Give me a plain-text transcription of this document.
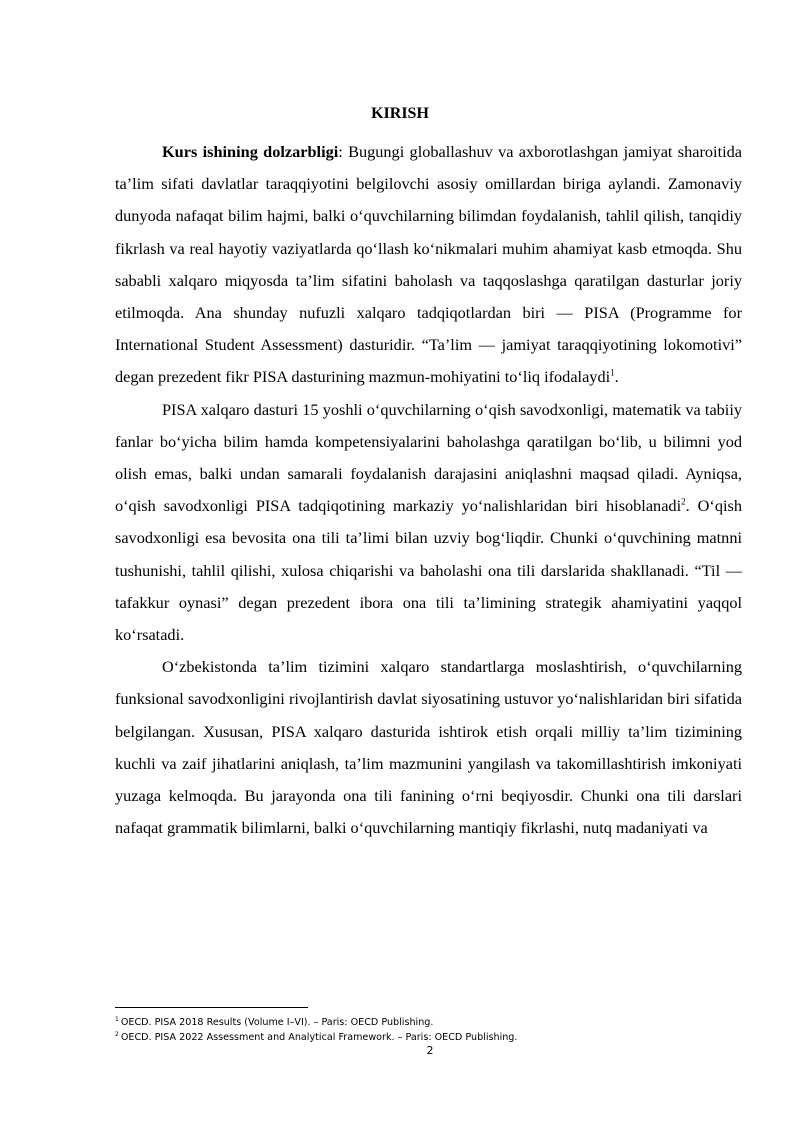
KIRISH

Kurs ishining dolzarbligi: Bugungi globallashuv va axborotlashgan jamiyat sharoitida ta’lim sifati davlatlar taraqqiyotini belgilovchi asosiy omillardan biriga aylandi. Zamonaviy dunyoda nafaqat bilim hajmi, balki o‘quvchilarning bilimdan foydalanish, tahlil qilish, tanqidiy fikrlash va real hayotiy vaziyatlarda qo‘llash ko‘nikmalari muhim ahamiyat kasb etmoqda. Shu sababli xalqaro miqyosda ta’lim sifatini baholash va taqqoslashga qaratilgan dasturlar joriy etilmoqda. Ana shunday nufuzli xalqaro tadqiqotlardan biri — PISA (Programme for International Student Assessment) dasturidir. “Ta’lim — jamiyat taraqqiyotining lokomotivi” degan prezedent fikr PISA dasturining mazmun-mohiyatini to‘liq ifodalaydi$^1$.

PISA xalqaro dasturi 15 yoshli o‘quvchilarning o‘qish savodxonligi, matematik va tabiiy fanlar bo‘yicha bilim hamda kompetensiyalarini baholashga qaratilgan bo‘lib, u bilimni yod olish emas, balki undan samarali foydalanish darajasini aniqlashni maqsad qiladi. Ayniqsa, o‘qish savodxonligi PISA tadqiqotining markaziy yo‘nalishlaridan biri hisoblanadi$^2$. O‘qish savodxonligi esa bevosita ona tili ta’limi bilan uzviy bog‘liqdir. Chunki o‘quvchining matnni tushunishi, tahlil qilishi, xulosa chiqarishi va baholashi ona tili darslarida shakllanadi. “Til — tafakkur oynasi” degan prezedent ibora ona tili ta’limining strategik ahamiyatini yaqqol ko‘rsatadi.

O‘zbekistonda ta’lim tizimini xalqaro standartlarga moslashtirish, o‘quvchilarning funksional savodxonligini rivojlantirish davlat siyosatining ustuvor yo‘nalishlaridan biri sifatida belgilangan. Xususan, PISA xalqaro dasturida ishtirok etish orqali milliy ta’lim tizimining kuchli va zaif jihatlarini aniqlash, ta’lim mazmunini yangilash va takomillashtirish imkoniyati yuzaga kelmoqda. Bu jarayonda ona tili fanining o‘rni beqiyosdir. Chunki ona tili darslari nafaqat grammatik bilimlarni, balki o‘quvchilarning mantiqiy fikrlashi, nutq madaniyati va

$^1$ OECD. PISA 2018 Results (Volume I–VI). – Paris: OECD Publishing.

$^2$ OECD. PISA 2022 Assessment and Analytical Framework. – Paris: OECD Publishing.

2
